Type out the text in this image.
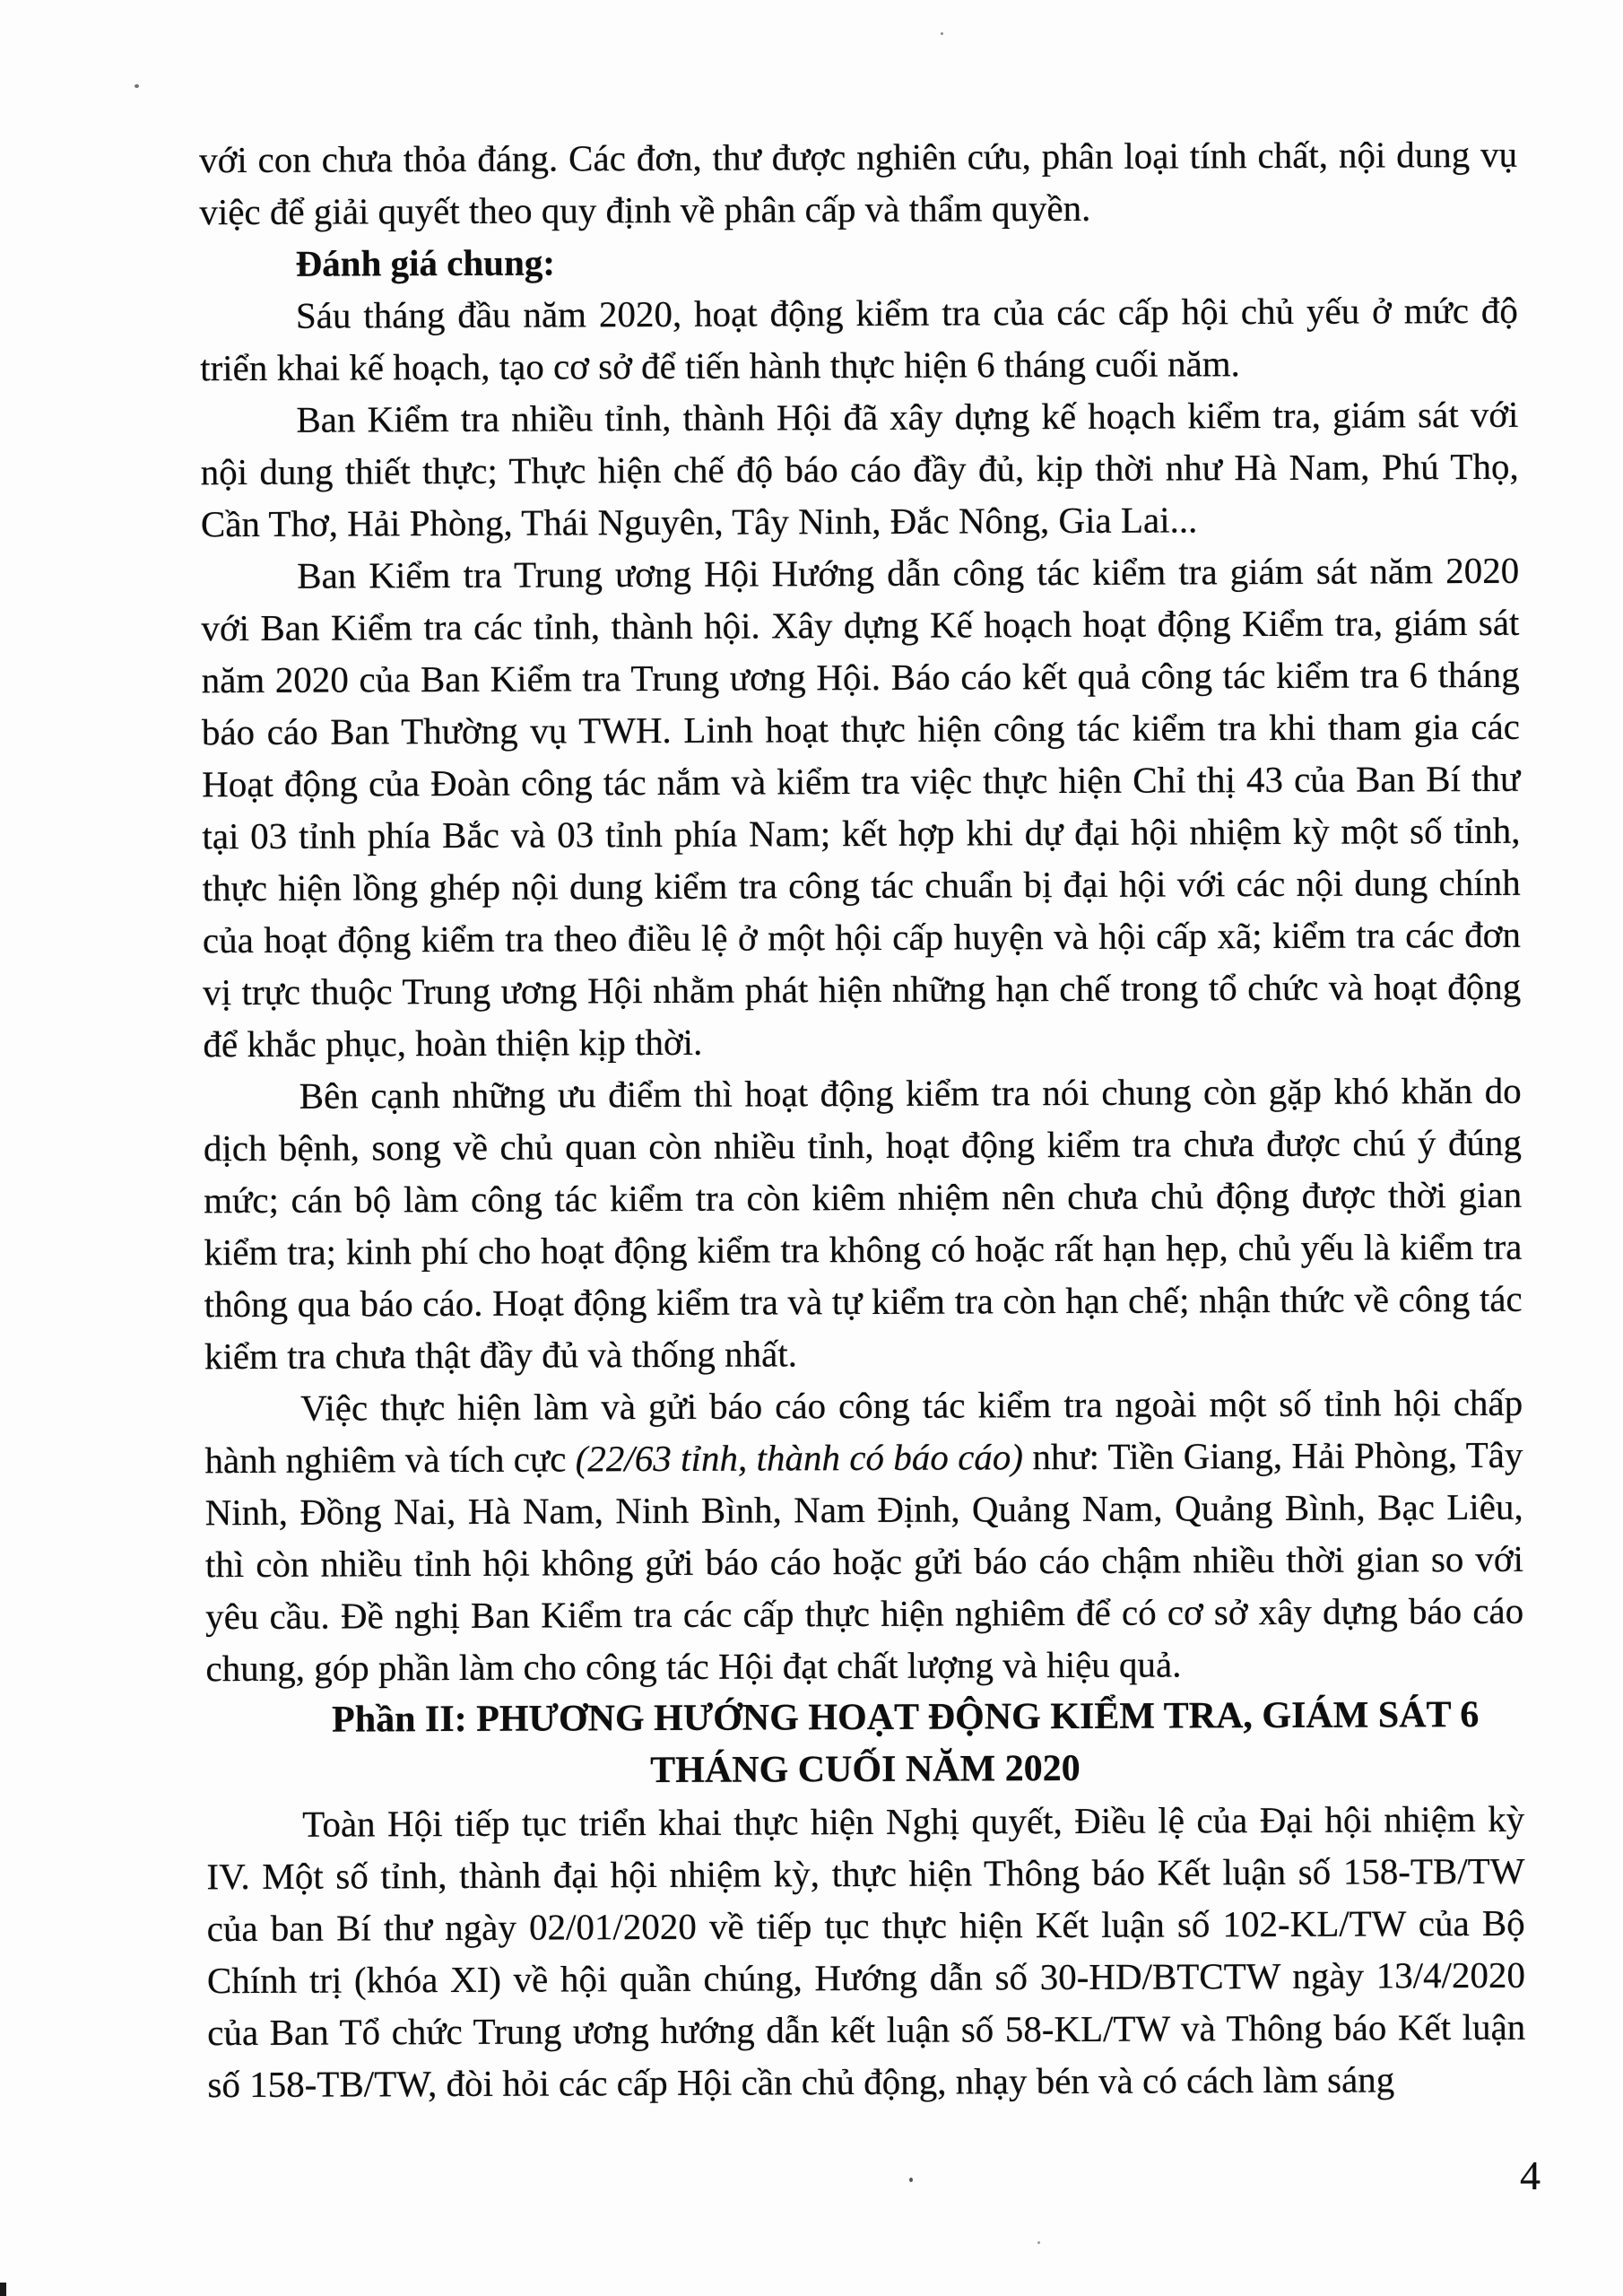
với con chưa thỏa đáng. Các đơn, thư được nghiên cứu, phân loại tính chất, nội dung vụ việc để giải quyết theo quy định về phân cấp và thẩm quyền.

Đánh giá chung:

Sáu tháng đầu năm 2020, hoạt động kiểm tra của các cấp hội chủ yếu ở mức độ triển khai kế hoạch, tạo cơ sở để tiến hành thực hiện 6 tháng cuối năm.

Ban Kiểm tra nhiều tỉnh, thành Hội đã xây dựng kế hoạch kiểm tra, giám sát với nội dung thiết thực; Thực hiện chế độ báo cáo đầy đủ, kịp thời như Hà Nam, Phú Thọ, Cần Thơ, Hải Phòng, Thái Nguyên, Tây Ninh, Đắc Nông, Gia Lai...

Ban Kiểm tra Trung ương Hội Hướng dẫn công tác kiểm tra giám sát năm 2020 với Ban Kiểm tra các tỉnh, thành hội. Xây dựng Kế hoạch hoạt động Kiểm tra, giám sát năm 2020 của Ban Kiểm tra Trung ương Hội. Báo cáo kết quả công tác kiểm tra 6 tháng báo cáo Ban Thường vụ TWH. Linh hoạt thực hiện công tác kiểm tra khi tham gia các Hoạt động của Đoàn công tác nắm và kiểm tra việc thực hiện Chỉ thị 43 của Ban Bí thư tại 03 tỉnh phía Bắc và 03 tỉnh phía Nam; kết hợp khi dự đại hội nhiệm kỳ một số tỉnh, thực hiện lồng ghép nội dung kiểm tra công tác chuẩn bị đại hội với các nội dung chính của hoạt động kiểm tra theo điều lệ ở một hội cấp huyện và hội cấp xã; kiểm tra các đơn vị trực thuộc Trung ương Hội nhằm phát hiện những hạn chế trong tổ chức và hoạt động để khắc phục, hoàn thiện kịp thời.

Bên cạnh những ưu điểm thì hoạt động kiểm tra nói chung còn gặp khó khăn do dịch bệnh, song về chủ quan còn nhiều tỉnh, hoạt động kiểm tra chưa được chú ý đúng mức; cán bộ làm công tác kiểm tra còn kiêm nhiệm nên chưa chủ động được thời gian kiểm tra; kinh phí cho hoạt động kiểm tra không có hoặc rất hạn hẹp, chủ yếu là kiểm tra thông qua báo cáo. Hoạt động kiểm tra và tự kiểm tra còn hạn chế; nhận thức về công tác kiểm tra chưa thật đầy đủ và thống nhất.

Việc thực hiện làm và gửi báo cáo công tác kiểm tra ngoài một số tỉnh hội chấp hành nghiêm và tích cực (22/63 tỉnh, thành có báo cáo) như: Tiền Giang, Hải Phòng, Tây Ninh, Đồng Nai, Hà Nam, Ninh Bình, Nam Định, Quảng Nam, Quảng Bình, Bạc Liêu, thì còn nhiều tỉnh hội không gửi báo cáo hoặc gửi báo cáo chậm nhiều thời gian so với yêu cầu. Đề nghị Ban Kiểm tra các cấp thực hiện nghiêm để có cơ sở xây dựng báo cáo chung, góp phần làm cho công tác Hội đạt chất lượng và hiệu quả.

Phần II: PHƯƠNG HƯỚNG HOẠT ĐỘNG KIỂM TRA, GIÁM SÁT 6

THÁNG CUỐI NĂM 2020

Toàn Hội tiếp tục triển khai thực hiện Nghị quyết, Điều lệ của Đại hội nhiệm kỳ IV. Một số tỉnh, thành đại hội nhiệm kỳ, thực hiện Thông báo Kết luận số 158-TB/TW của ban Bí thư ngày 02/01/2020 về tiếp tục thực hiện Kết luận số 102-KL/TW của Bộ Chính trị (khóa XI) về hội quần chúng, Hướng dẫn số 30-HD/BTCTW ngày 13/4/2020 của Ban Tổ chức Trung ương hướng dẫn kết luận số 58-KL/TW và Thông báo Kết luận số 158-TB/TW, đòi hỏi các cấp Hội cần chủ động, nhạy bén và có cách làm sáng

4
